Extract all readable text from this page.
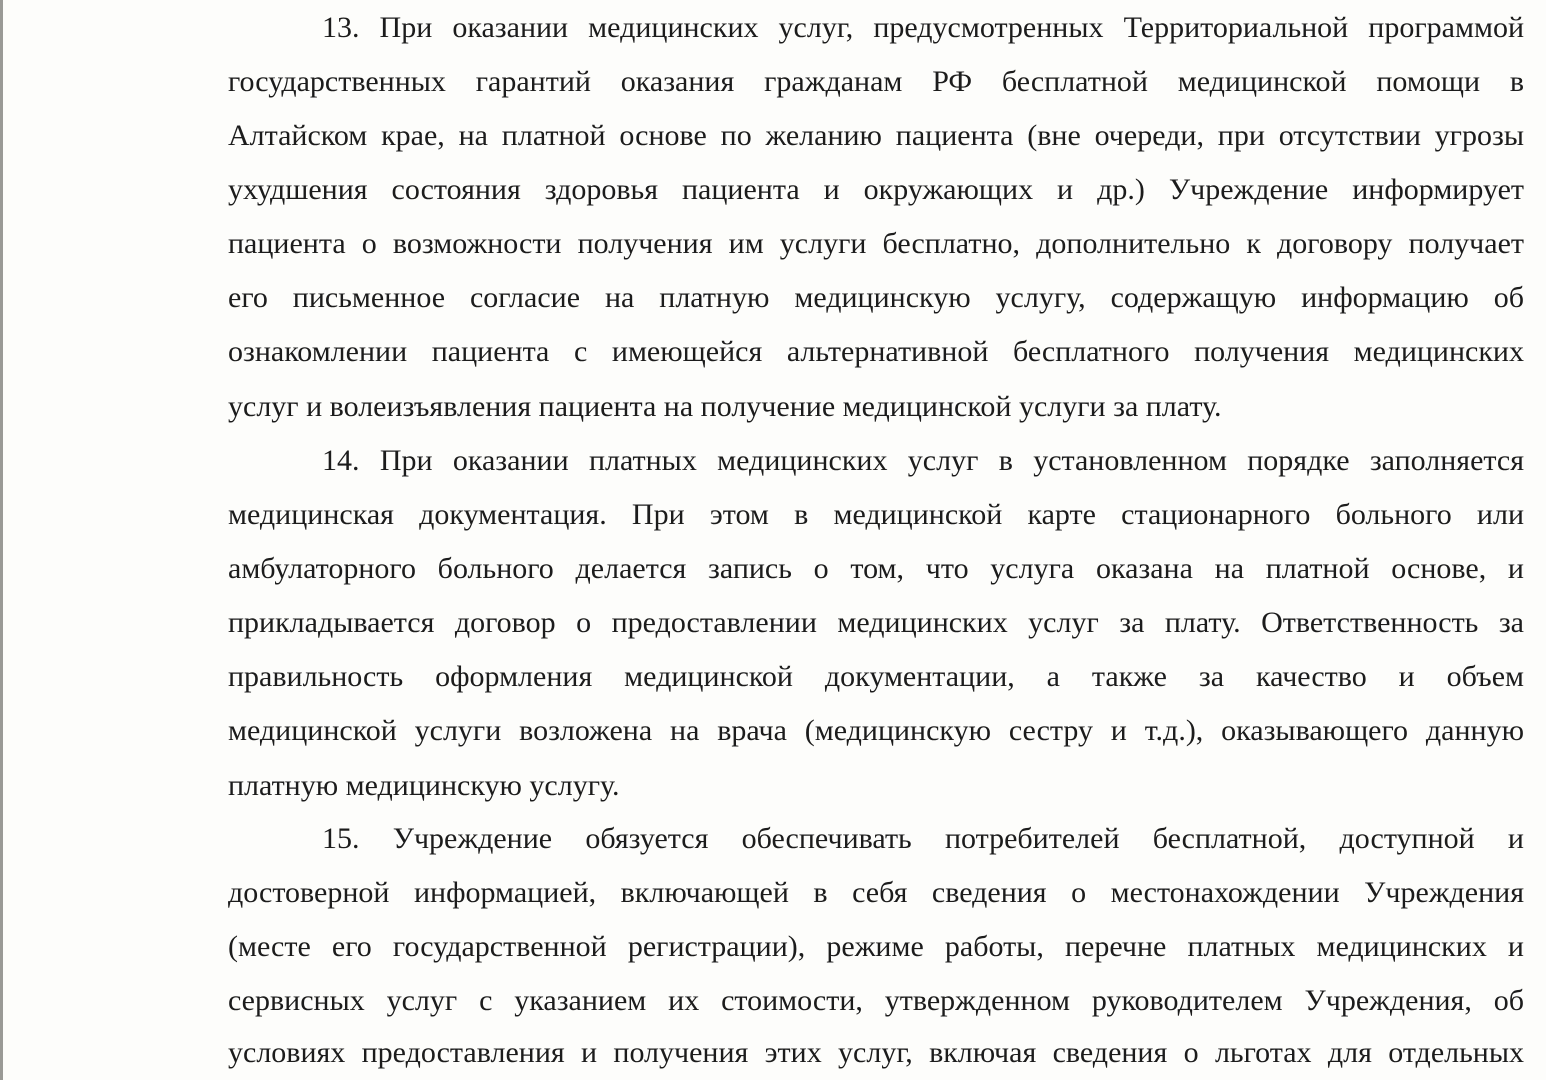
13. При оказании медицинских услуг, предусмотренных Территориальной программой
государственных гарантий оказания гражданам РФ бесплатной медицинской помощи в
Алтайском крае, на платной основе по желанию пациента (вне очереди, при отсутствии угрозы
ухудшения состояния здоровья пациента и окружающих и др.) Учреждение информирует
пациента о возможности получения им услуги бесплатно, дополнительно к договору получает
его письменное согласие на платную медицинскую услугу, содержащую информацию об
ознакомлении пациента с имеющейся альтернативной бесплатного получения медицинских
услуг и волеизъявления пациента на получение медицинской услуги за плату.
14. При оказании платных медицинских услуг в установленном порядке заполняется
медицинская документация. При этом в медицинской карте стационарного больного или
амбулаторного больного делается запись о том, что услуга оказана на платной основе, и
прикладывается договор о предоставлении медицинских услуг за плату. Ответственность за
правильность оформления медицинской документации, а также за качество и объем
медицинской услуги возложена на врача (медицинскую сестру и т.д.), оказывающего данную
платную медицинскую услугу.
15. Учреждение обязуется обеспечивать потребителей бесплатной, доступной и
достоверной информацией, включающей в себя сведения о местонахождении Учреждения
(месте его государственной регистрации), режиме работы, перечне платных медицинских и
сервисных услуг с указанием их стоимости, утвержденном руководителем Учреждения, об
условиях предоставления и получения этих услуг, включая сведения о льготах для отдельных
